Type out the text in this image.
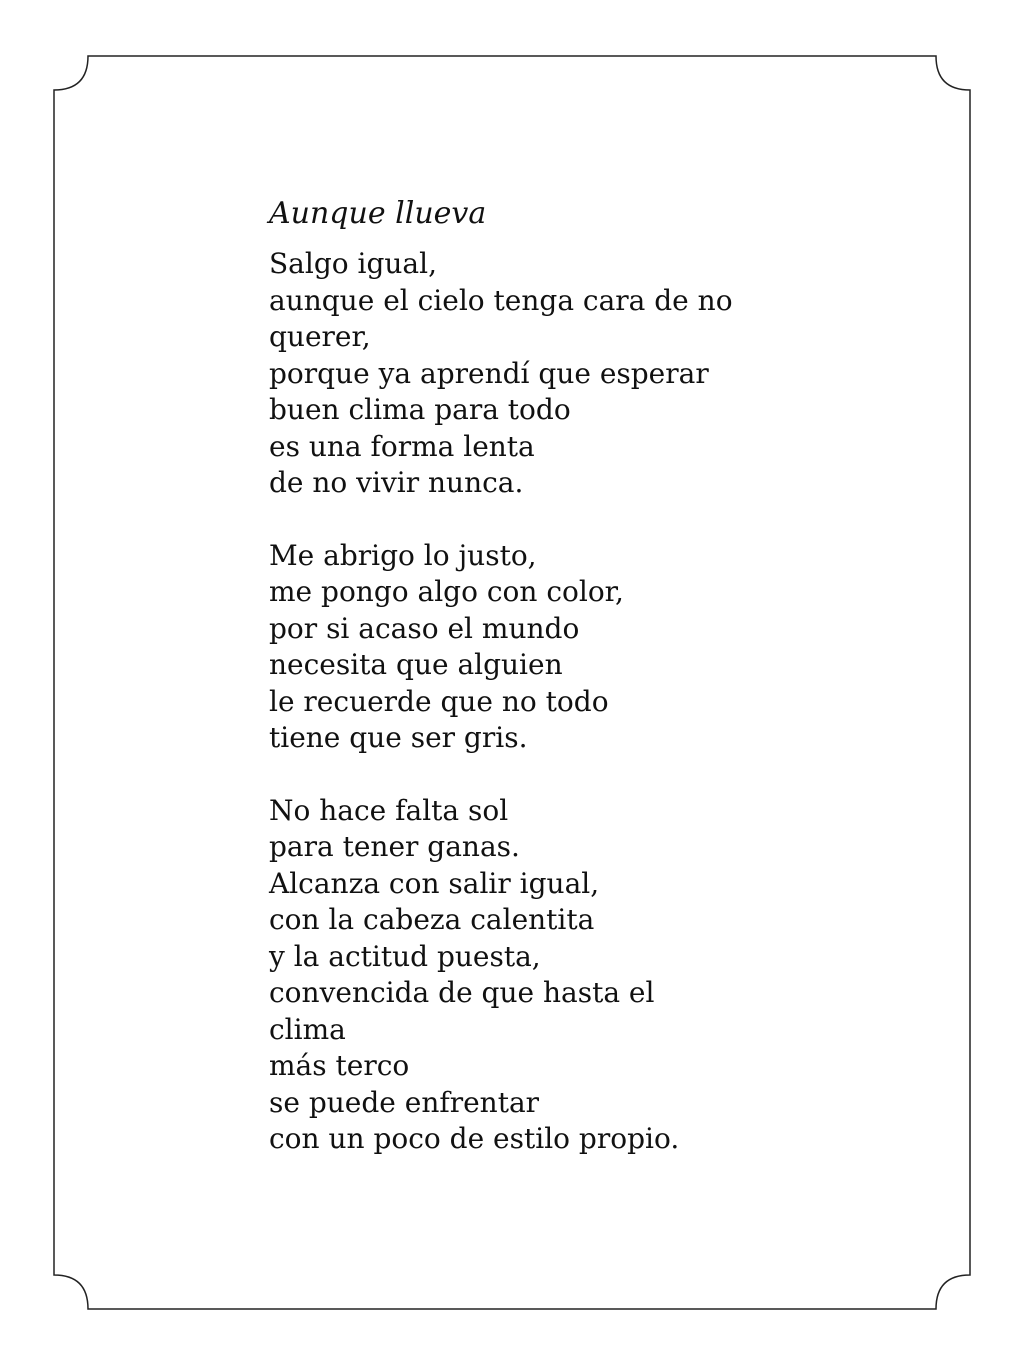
Aunque llueva
Salgo igual,
aunque el cielo tenga cara de no
querer,
porque ya aprendí que esperar
buen clima para todo
es una forma lenta
de no vivir nunca.
Me abrigo lo justo,
me pongo algo con color,
por si acaso el mundo
necesita que alguien
le recuerde que no todo
tiene que ser gris.
No hace falta sol
para tener ganas.
Alcanza con salir igual,
con la cabeza calentita
y la actitud puesta,
convencida de que hasta el
clima
más terco
se puede enfrentar
con un poco de estilo propio.
